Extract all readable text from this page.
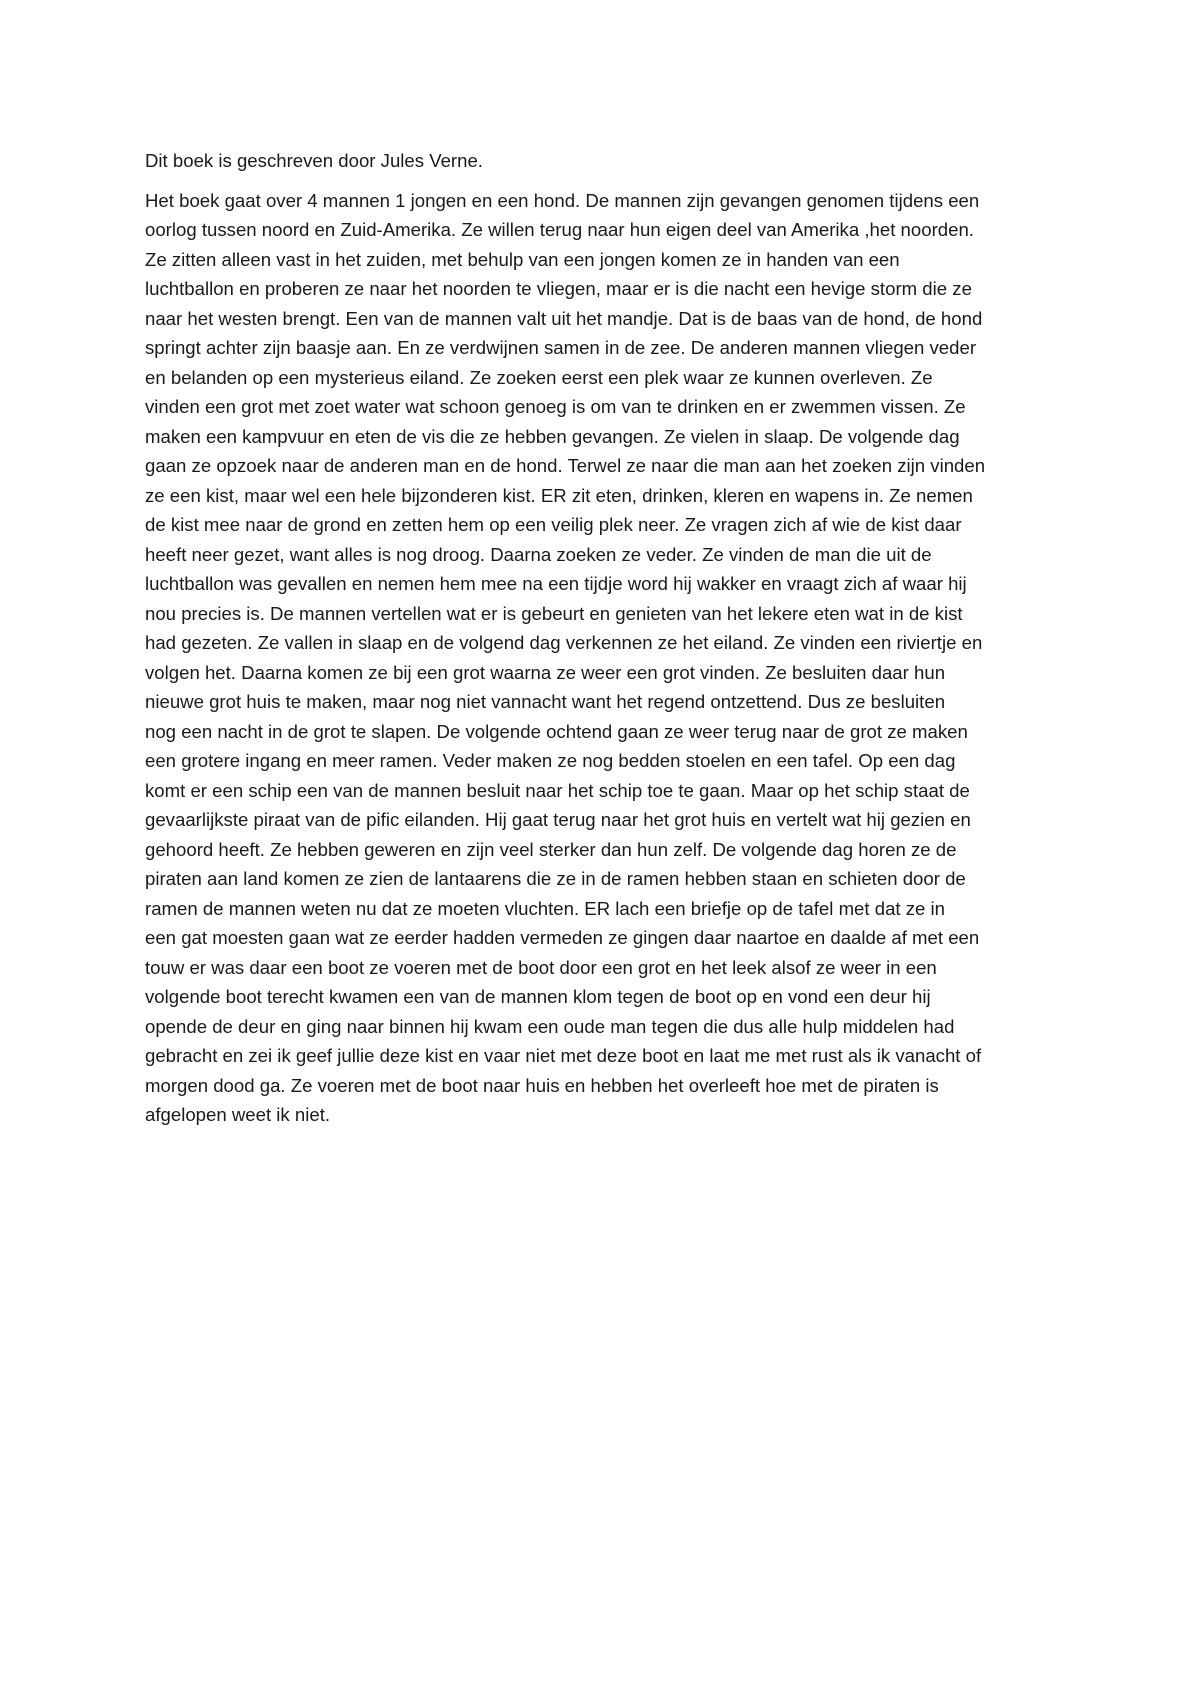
Dit boek is geschreven door Jules Verne.

Het boek gaat over 4 mannen 1 jongen en een hond. De mannen zijn gevangen genomen tijdens een
oorlog tussen noord en Zuid-Amerika. Ze willen terug naar hun eigen deel van Amerika ,het noorden.
Ze zitten alleen vast in het zuiden, met behulp van een jongen komen ze in handen van een
luchtballon en proberen ze naar het noorden te vliegen, maar er is die nacht een hevige storm die ze
naar het westen brengt. Een van de mannen valt uit het mandje. Dat is de baas van de hond, de hond
springt achter zijn baasje aan. En ze verdwijnen samen in de zee. De anderen mannen vliegen veder
en belanden op een mysterieus eiland. Ze zoeken eerst een plek waar ze kunnen overleven. Ze
vinden een grot met zoet water wat schoon genoeg is om van te drinken en er zwemmen vissen. Ze
maken een kampvuur en eten de vis die ze hebben gevangen. Ze vielen in slaap. De volgende dag
gaan ze opzoek naar de anderen man en de hond. Terwel ze naar die man aan het zoeken zijn vinden
ze een kist, maar wel een hele bijzonderen kist. ER zit eten, drinken, kleren en wapens in. Ze nemen
de kist mee naar de grond en zetten hem op een veilig plek neer. Ze vragen zich af wie de kist daar
heeft neer gezet, want alles is nog droog. Daarna zoeken ze veder. Ze vinden de man die uit de
luchtballon was gevallen en nemen hem mee na een tijdje word hij wakker en vraagt zich af waar hij
nou precies is. De mannen vertellen wat er is gebeurt en genieten van het lekere eten wat in de kist
had gezeten. Ze vallen in slaap en de volgend dag verkennen ze het eiland. Ze vinden een riviertje en
volgen het. Daarna komen ze bij een grot waarna ze weer een grot vinden. Ze besluiten daar hun
nieuwe grot huis te maken, maar nog niet vannacht want het regend ontzettend. Dus ze besluiten
nog een nacht in de grot te slapen. De volgende ochtend gaan ze weer terug naar de grot ze maken
een grotere ingang en meer ramen. Veder maken ze nog bedden stoelen en een tafel. Op een dag
komt er een schip een van de mannen besluit naar het schip toe te gaan. Maar op het schip staat de
gevaarlijkste piraat van de pific eilanden. Hij gaat terug naar het grot huis en vertelt wat hij gezien en
gehoord heeft. Ze hebben geweren en zijn veel sterker dan hun zelf. De volgende dag horen ze de
piraten aan land komen ze zien de lantaarens die ze in de ramen hebben staan en schieten door de
ramen de mannen weten nu dat ze moeten vluchten. ER lach een briefje op de tafel met dat ze in
een gat moesten gaan wat ze eerder hadden vermeden ze gingen daar naartoe en daalde af met een
touw er was daar een boot ze voeren met de boot door een grot en het leek alsof ze weer in een
volgende boot terecht kwamen een van de mannen klom tegen de boot op en vond een deur hij
opende de deur en ging naar binnen hij kwam een oude man tegen die dus alle hulp middelen had
gebracht en zei ik geef jullie deze kist en vaar niet met deze boot en laat me met rust als ik vanacht of
morgen dood ga. Ze voeren met de boot naar huis en hebben het overleeft hoe met de piraten is
afgelopen weet ik niet.
